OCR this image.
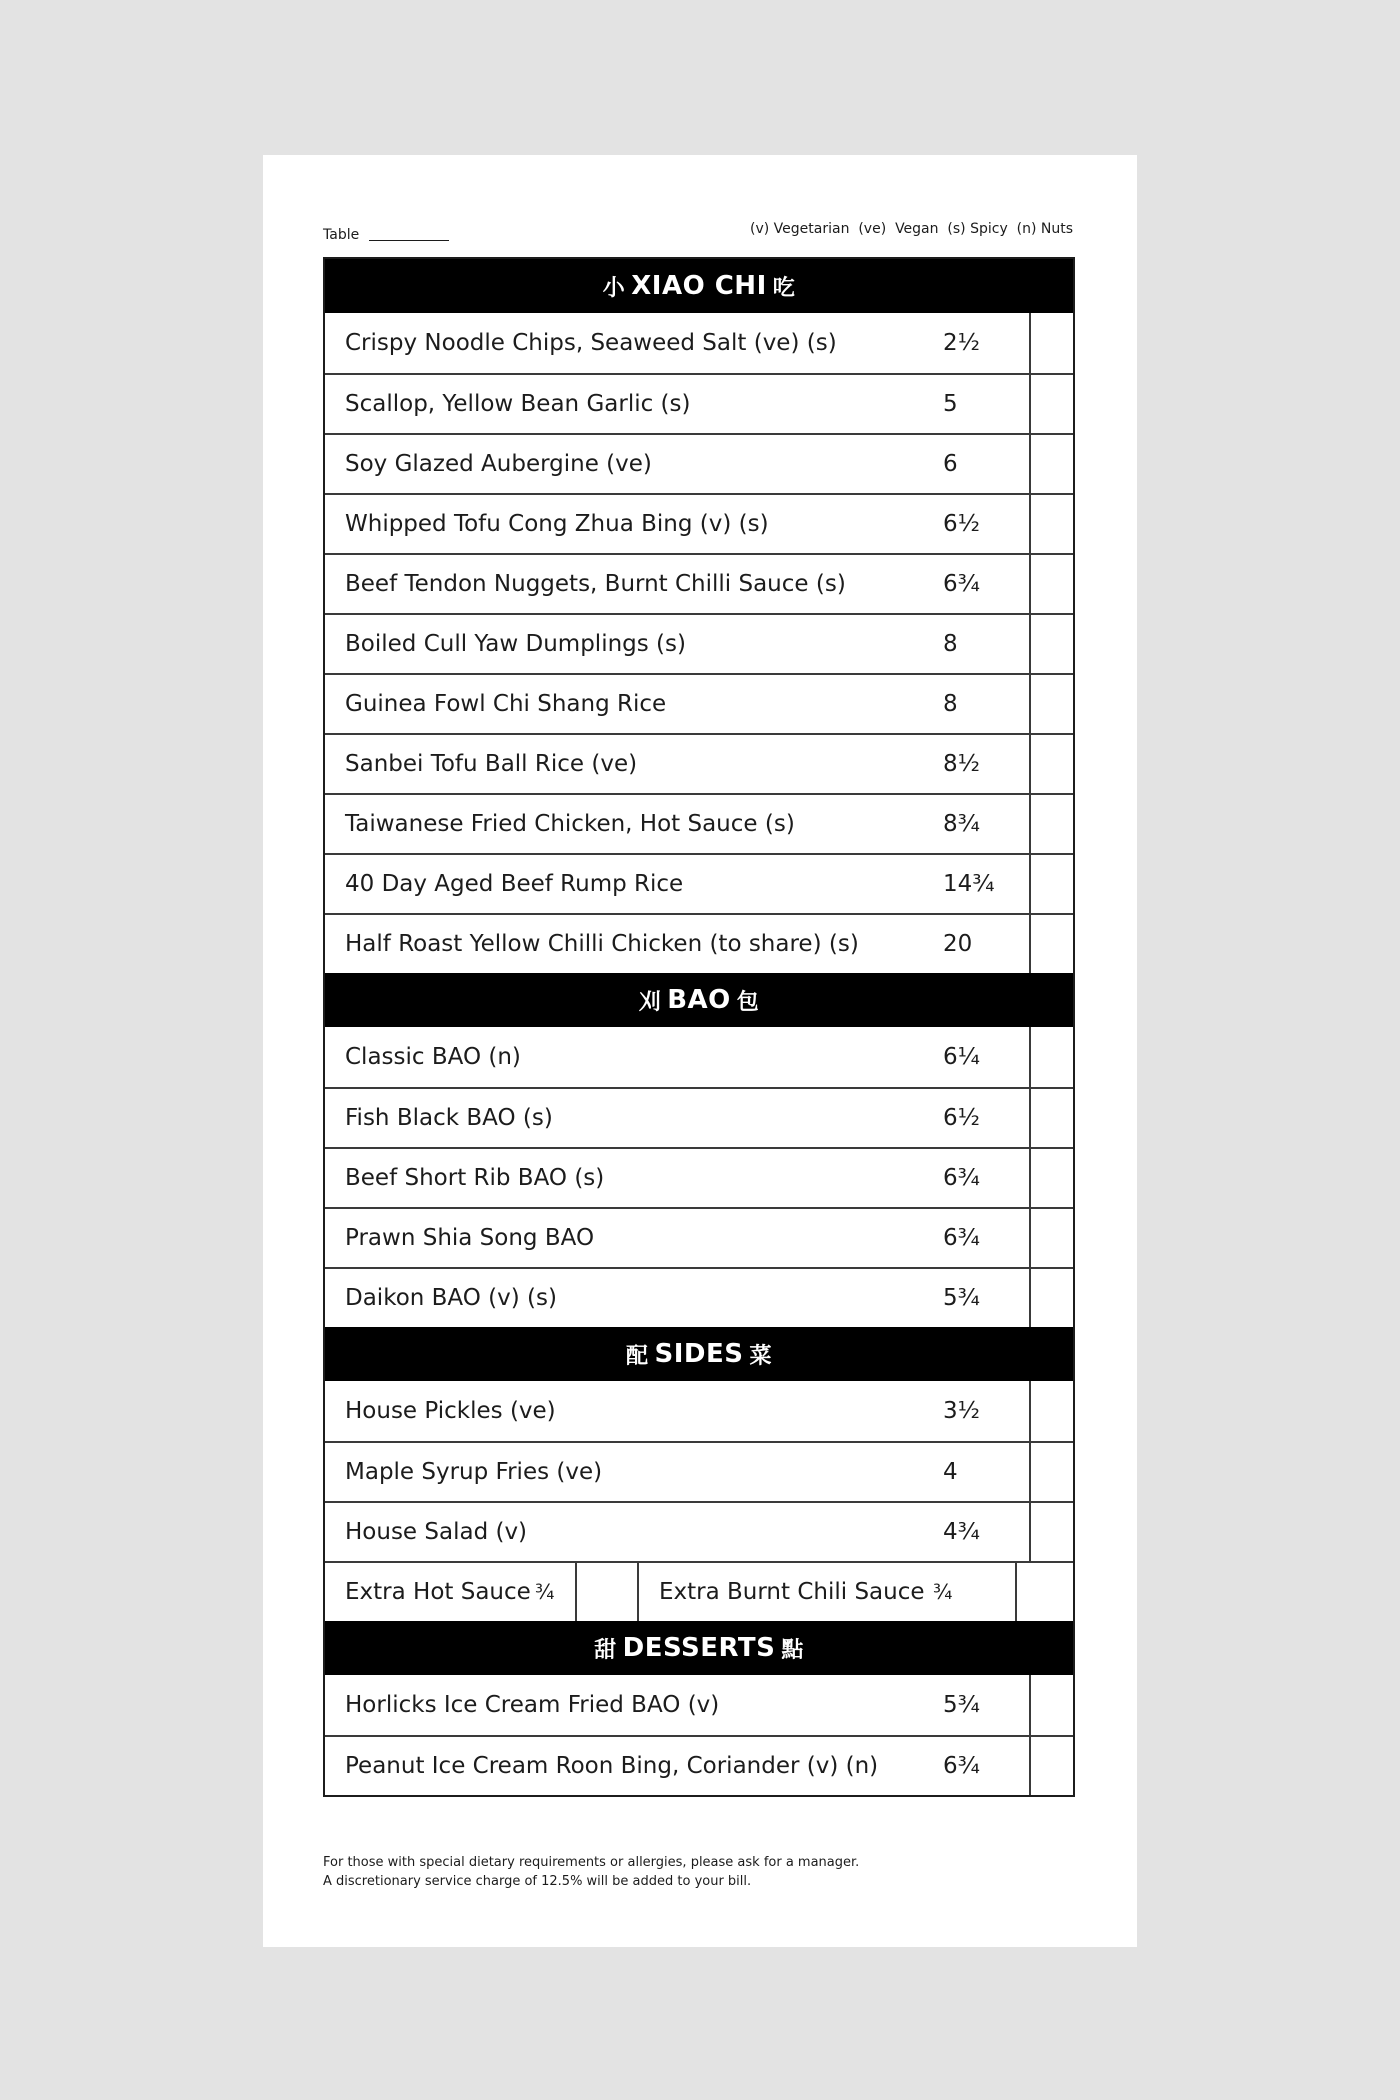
Table	(v) Vegetarian  (ve)  Vegan  (s) Spicy  (n) Nuts
小 XIAO CHI 吃
Crispy Noodle Chips, Seaweed Salt (ve) (s)	2½
Scallop, Yellow Bean Garlic (s)	5
Soy Glazed Aubergine (ve)	6
Whipped Tofu Cong Zhua Bing (v) (s)	6½
Beef Tendon Nuggets, Burnt Chilli Sauce (s)	6¾
Boiled Cull Yaw Dumplings (s)	8
Guinea Fowl Chi Shang Rice	8
Sanbei Tofu Ball Rice (ve)	8½
Taiwanese Fried Chicken, Hot Sauce (s)	8¾
40 Day Aged Beef Rump Rice	14¾
Half Roast Yellow Chilli Chicken (to share) (s)	20
刈 BAO 包
Classic BAO (n)	6¼
Fish Black BAO (s)	6½
Beef Short Rib BAO (s)	6¾
Prawn Shia Song BAO	6¾
Daikon BAO (v) (s)	5¾
配 SIDES 菜
House Pickles (ve)	3½
Maple Syrup Fries (ve)	4
House Salad (v)	4¾
Extra Hot Sauce ¾	Extra Burnt Chili Sauce ¾
甜 DESSERTS 點
Horlicks Ice Cream Fried BAO (v)	5¾
Peanut Ice Cream Roon Bing, Coriander (v) (n)	6¾
For those with special dietary requirements or allergies, please ask for a manager.
A discretionary service charge of 12.5% will be added to your bill.
